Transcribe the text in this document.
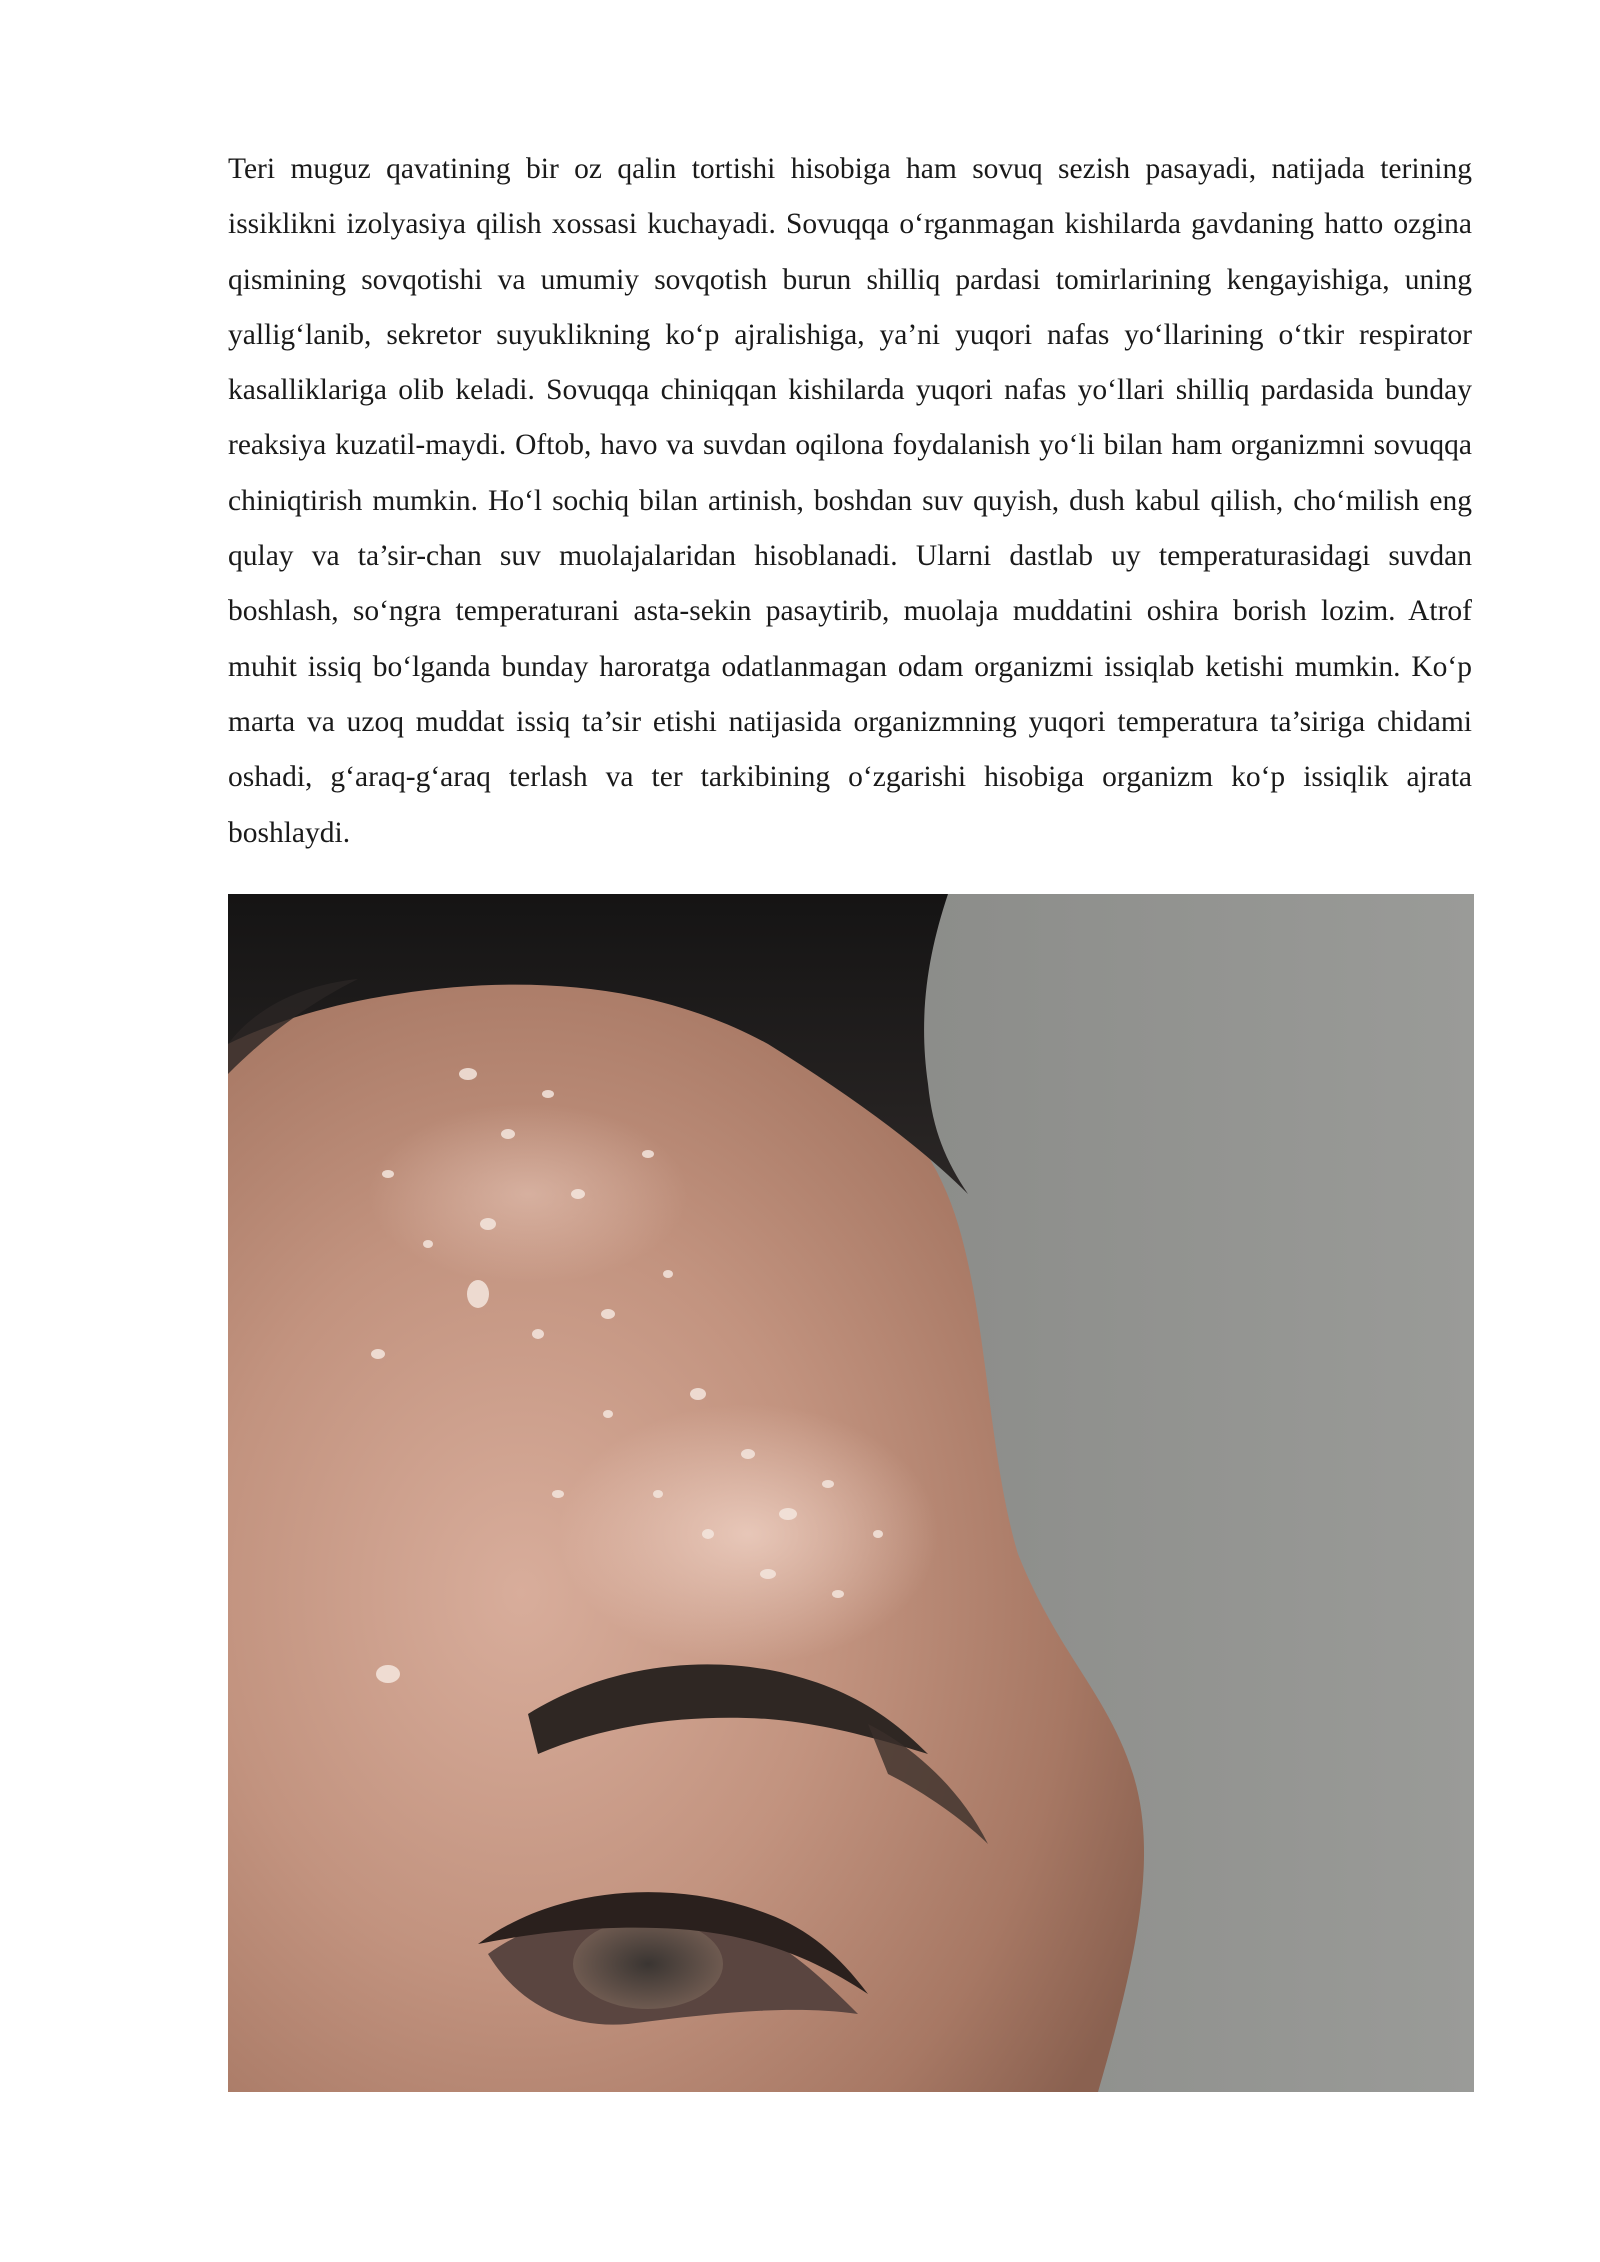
Teri muguz qavatining bir oz qalin tortishi hisobiga ham sovuq sezish pasayadi, natijada terining issiklikni izolyasiya qilish xossasi kuchayadi. Sovuqqa o‘rganmagan kishilarda gavdaning hatto ozgina qismining sovqotishi va umumiy sovqotish burun shilliq pardasi tomirlarining kengayishiga, uning yallig‘lanib, sekretor suyuklikning ko‘p ajralishiga, ya’ni yuqori nafas yo‘llarining o‘tkir respirator kasalliklariga olib keladi. Sovuqqa chiniqqan kishilarda yuqori nafas yo‘llari shilliq pardasida bunday reaksiya kuzatil-maydi. Oftob, havo va suvdan oqilona foydalanish yo‘li bilan ham organizmni sovuqqa chiniqtirish mumkin. Ho‘l sochiq bilan artinish, boshdan suv quyish, dush kabul qilish, cho‘milish eng qulay va ta’sir-chan suv muolajalaridan hisoblanadi. Ularni dastlab uy temperaturasidagi suvdan boshlash, so‘ngra temperaturani asta-sekin pasaytirib, muolaja muddatini oshira borish lozim. Atrof muhit issiq bo‘lganda bunday haroratga odatlanmagan odam organizmi issiqlab ketishi mumkin. Ko‘p marta va uzoq muddat issiq ta’sir etishi natijasida organizmning yuqori temperatura ta’siriga chidami oshadi, g‘araq-g‘araq terlash va ter tarkibining o‘zgarishi hisobiga organizm ko‘p issiqlik ajrata boshlaydi.
